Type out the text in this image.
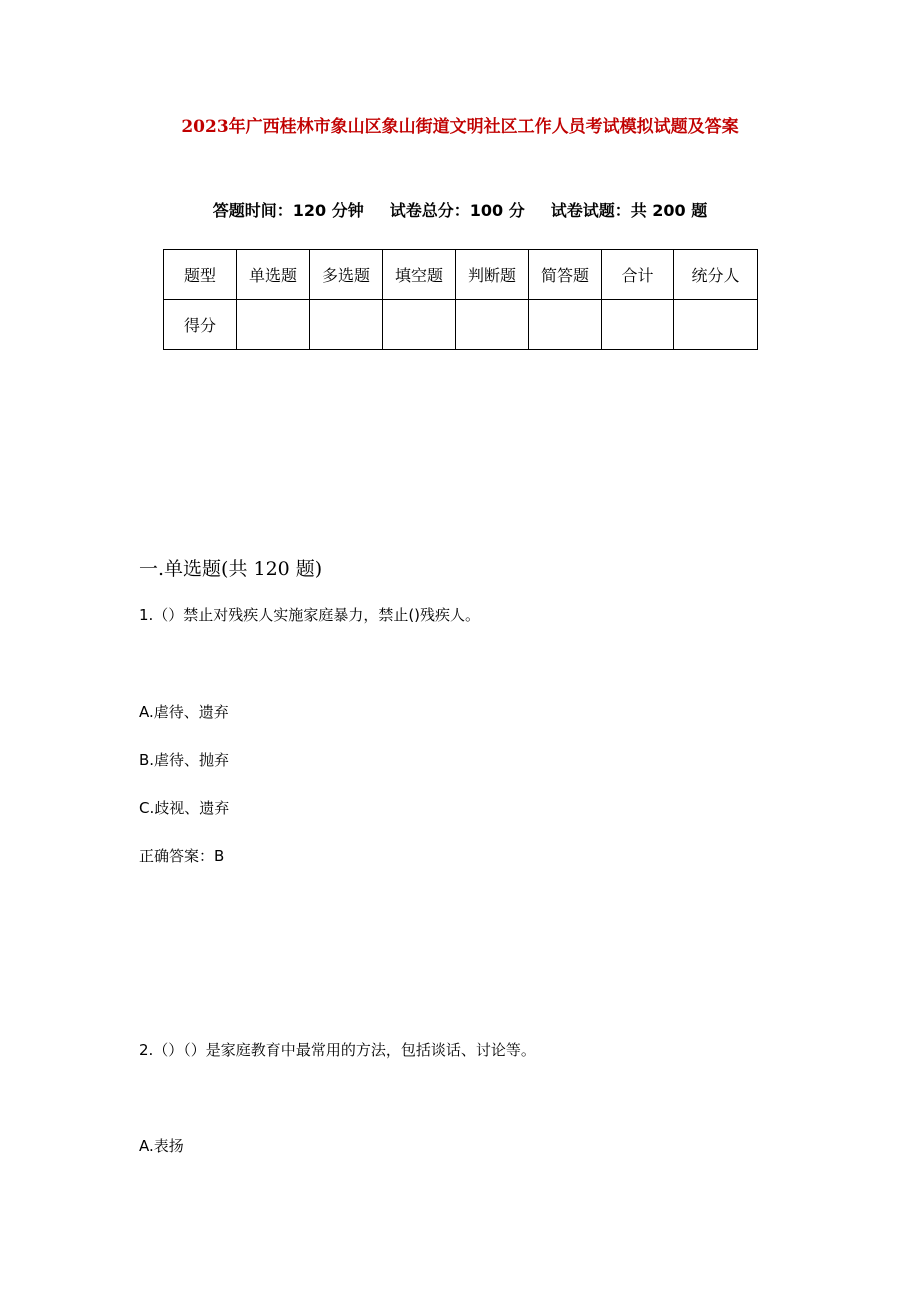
2023年广西桂林市象山区象山街道文明社区工作人员考试模拟试题及答案
答题时间：120 分钟 试卷总分：100 分 试卷试题：共 200 题
题型	单选题	多选题	填空题	判断题	简答题	合计	统分人
得分							
一.单选题(共 120 题)
1.（）禁止对残疾人实施家庭暴力，禁止()残疾人。
A.虐待、遗弃
B.虐待、抛弃
C.歧视、遗弃
正确答案：B
2.（）（）是家庭教育中最常用的方法，包括谈话、讨论等。
A.表扬
